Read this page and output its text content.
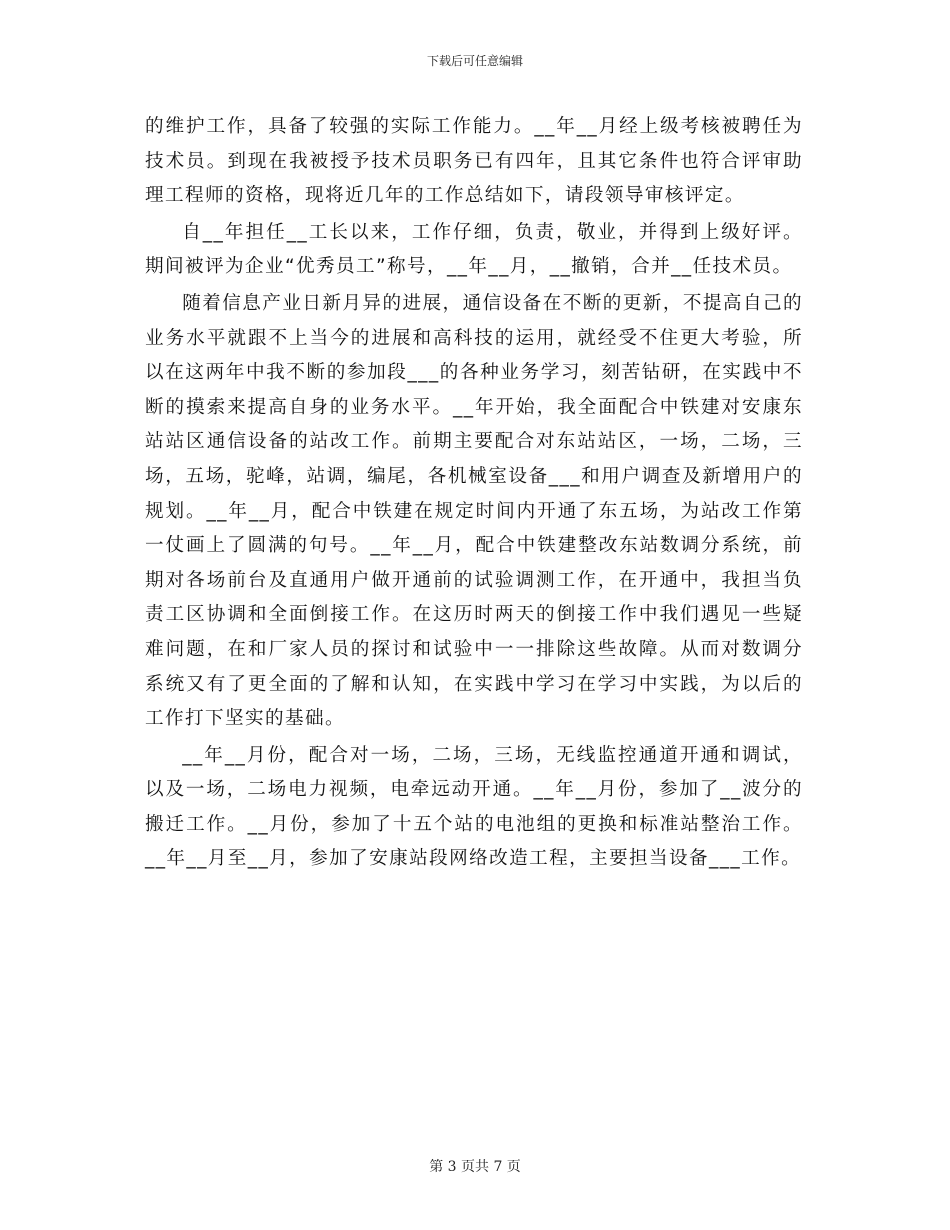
下载后可任意编辑

的维护工作，具备了较强的实际工作能力。__年__月经上级考核被聘任为技术员。到现在我被授予技术员职务已有四年，且其它条件也符合评审助理工程师的资格，现将近几年的工作总结如下，请段领导审核评定。

自__年担任__工长以来，工作仔细，负责，敬业，并得到上级好评。期间被评为企业“优秀员工”称号，__年__月，__撤销，合并__任技术员。

随着信息产业日新月异的进展，通信设备在不断的更新，不提高自己的业务水平就跟不上当今的进展和高科技的运用，就经受不住更大考验，所以在这两年中我不断的参加段___的各种业务学习，刻苦钻研，在实践中不断的摸索来提高自身的业务水平。__年开始，我全面配合中铁建对安康东站站区通信设备的站改工作。前期主要配合对东站站区，一场，二场，三场，五场，驼峰，站调，编尾，各机械室设备___和用户调查及新增用户的规划。__年__月，配合中铁建在规定时间内开通了东五场，为站改工作第一仗画上了圆满的句号。__年__月，配合中铁建整改东站数调分系统，前期对各场前台及直通用户做开通前的试验调测工作，在开通中，我担当负责工区协调和全面倒接工作。在这历时两天的倒接工作中我们遇见一些疑难问题，在和厂家人员的探讨和试验中一一排除这些故障。从而对数调分系统又有了更全面的了解和认知，在实践中学习在学习中实践，为以后的工作打下坚实的基础。

__年__月份，配合对一场，二场，三场，无线监控通道开通和调试，以及一场，二场电力视频，电牵远动开通。__年__月份，参加了__波分的搬迁工作。__月份，参加了十五个站的电池组的更换和标准站整治工作。__年__月至__月，参加了安康站段网络改造工程，主要担当设备___工作。

第 3 页共 7 页
